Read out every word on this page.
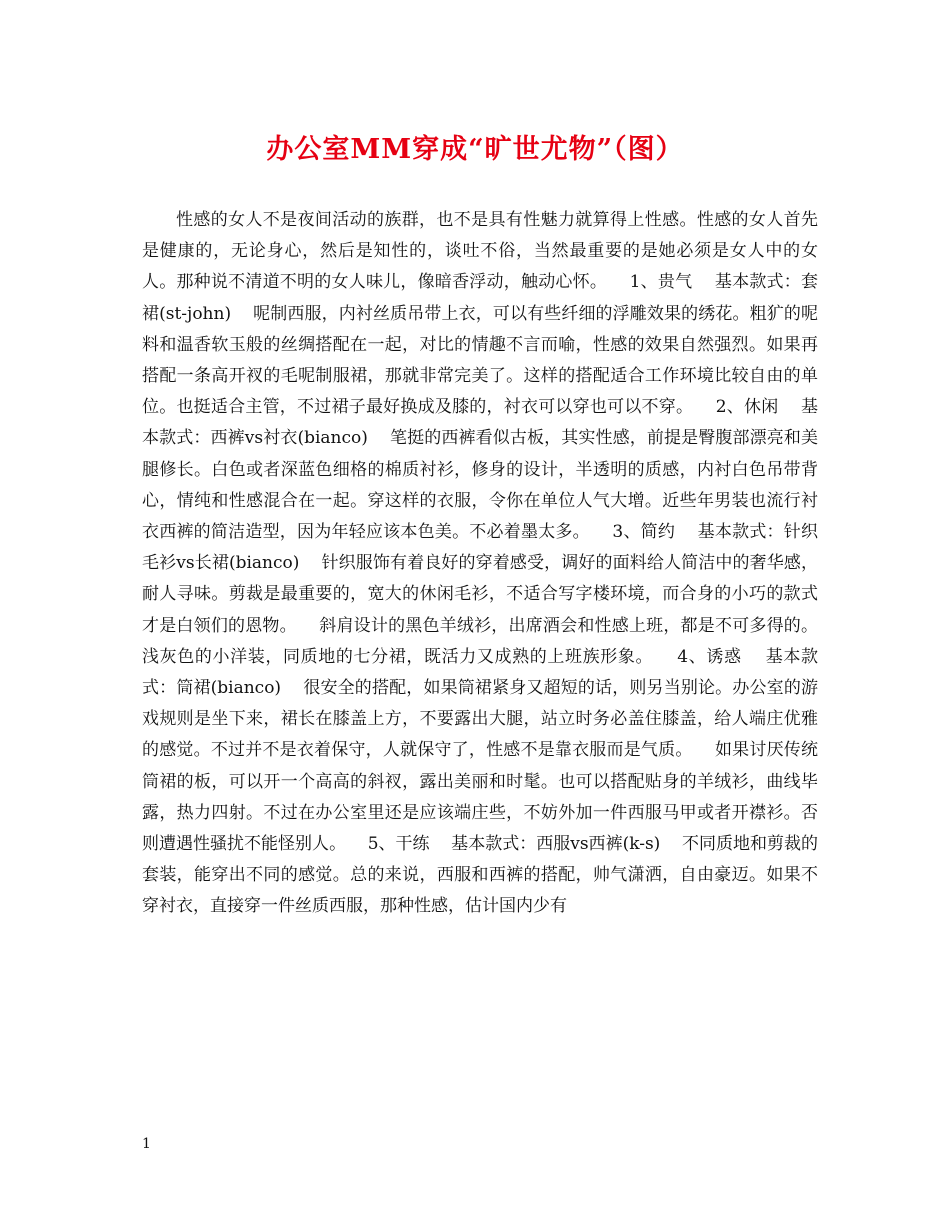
办公室MM穿成“旷世尤物”（图）

性感的女人不是夜间活动的族群，也不是具有性魅力就算得上性感。性感的女人首先是健康的，无论身心，然后是知性的，谈吐不俗，当然最重要的是她必须是女人中的女人。那种说不清道不明的女人味儿，像暗香浮动，触动心怀。    1、贵气    基本款式：套裙(st-john)    呢制西服，内衬丝质吊带上衣，可以有些纤细的浮雕效果的绣花。粗犷的呢料和温香软玉般的丝绸搭配在一起，对比的情趣不言而喻，性感的效果自然强烈。如果再搭配一条高开衩的毛呢制服裙，那就非常完美了。这样的搭配适合工作环境比较自由的单位。也挺适合主管，不过裙子最好换成及膝的，衬衣可以穿也可以不穿。    2、休闲    基本款式：西裤vs衬衣(bianco)    笔挺的西裤看似古板，其实性感，前提是臀腹部漂亮和美腿修长。白色或者深蓝色细格的棉质衬衫，修身的设计，半透明的质感，内衬白色吊带背心，情纯和性感混合在一起。穿这样的衣服，令你在单位人气大增。近些年男装也流行衬衣西裤的简洁造型，因为年轻应该本色美。不必着墨太多。    3、简约    基本款式：针织毛衫vs长裙(bianco)    针织服饰有着良好的穿着感受，调好的面料给人简洁中的奢华感，耐人寻味。剪裁是最重要的，宽大的休闲毛衫，不适合写字楼环境，而合身的小巧的款式才是白领们的恩物。    斜肩设计的黑色羊绒衫，出席酒会和性感上班，都是不可多得的。浅灰色的小洋装，同质地的七分裙，既活力又成熟的上班族形象。    4、诱惑    基本款式：筒裙(bianco)    很安全的搭配，如果筒裙紧身又超短的话，则另当别论。办公室的游戏规则是坐下来，裙长在膝盖上方，不要露出大腿，站立时务必盖住膝盖，给人端庄优雅的感觉。不过并不是衣着保守，人就保守了，性感不是靠衣服而是气质。    如果讨厌传统筒裙的板，可以开一个高高的斜衩，露出美丽和时髦。也可以搭配贴身的羊绒衫，曲线毕露，热力四射。不过在办公室里还是应该端庄些，不妨外加一件西服马甲或者开襟衫。否则遭遇性骚扰不能怪别人。    5、干练    基本款式：西服vs西裤(k-s)    不同质地和剪裁的套装，能穿出不同的感觉。总的来说，西服和西裤的搭配，帅气潇洒，自由豪迈。如果不穿衬衣，直接穿一件丝质西服，那种性感，估计国内少有

1
